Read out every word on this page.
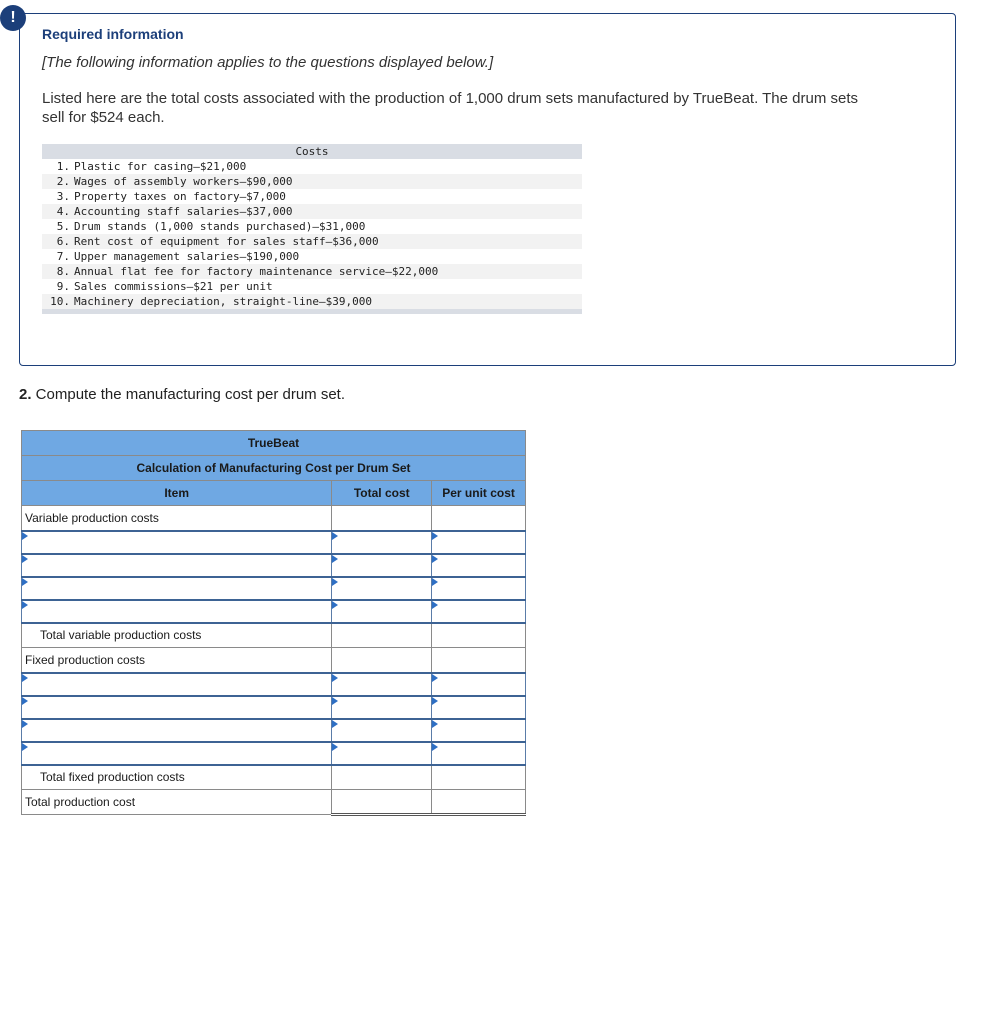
!

Required information

[The following information applies to the questions displayed below.]

Listed here are the total costs associated with the production of 1,000 drum sets manufactured by TrueBeat. The drum sets sell for $524 each.

Costs	
1.	Plastic for casing—$21,000
2.	Wages of assembly workers—$90,000
3.	Property taxes on factory—$7,000
4.	Accounting staff salaries—$37,000
5.	Drum stands (1,000 stands purchased)—$31,000
6.	Rent cost of equipment for sales staff—$36,000
7.	Upper management salaries—$190,000
8.	Annual flat fee for factory maintenance service—$22,000
9.	Sales commissions—$21 per unit
10.	Machinery depreciation, straight-line—$39,000

2. Compute the manufacturing cost per drum set.

TrueBeat		
Calculation of Manufacturing Cost per Drum Set		
Item	Total cost	Per unit cost
Variable production costs		

Total variable production costs		
Fixed production costs		

Total fixed production costs		
Total production cost		
